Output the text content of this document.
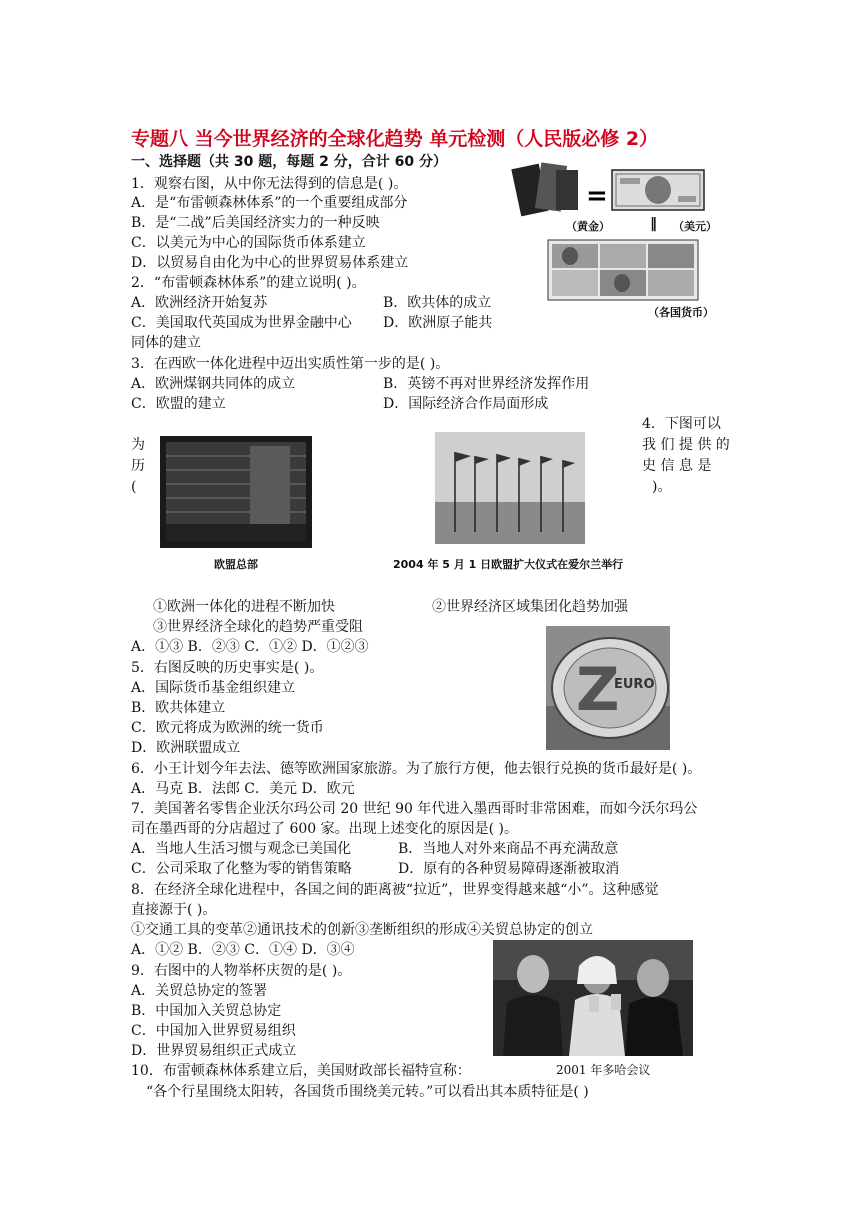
专题八 当今世界经济的全球化趋势 单元检测（人民版必修 2）
一、选择题（共 30 题，每题 2 分，合计 60 分）
1．观察右图，从中你无法得到的信息是( )。
A．是“布雷顿森林体系”的一个重要组成部分
B．是“二战”后美国经济实力的一种反映
C．以美元为中心的国际货币体系建立
D．以贸易自由化为中心的世界贸易体系建立
=
（黄金）	‖ （美元）
（各国货币）
2．“布雷顿森林体系”的建立说明( )。
A．欧洲经济开始复苏	B．欧共体的成立
C．美国取代英国成为世界金融中心 D．欧洲原子能共
同体的建立
3．在西欧一体化进程中迈出实质性第一步的是( )。
A．欧洲煤钢共同体的成立	B．英镑不再对世界经济发挥作用
C．欧盟的建立	D．国际经济合作局面形成
4．下图可以
为	我 们 提 供 的
历	史 信 息 是
(	)。
欧盟总部	2004 年 5 月 1 日欧盟扩大仪式在爱尔兰举行
①欧洲一体化的进程不断加快	②世界经济区域集团化趋势加强
③世界经济全球化的趋势严重受阻
A．①③ B．②③ C．①② D．①②③
5．右图反映的历史事实是( )。
A．国际货币基金组织建立
B．欧共体建立
C．欧元将成为欧洲的统一货币
D．欧洲联盟成立
Z
EURO
6．小王计划今年去法、德等欧洲国家旅游。为了旅行方便，他去银行兑换的货币最好是( )。
A．马克 B．法郎 C．美元 D．欧元
7．美国著名零售企业沃尔玛公司 20 世纪 90 年代进入墨西哥时非常困难，而如今沃尔玛公
司在墨西哥的分店超过了 600 家。出现上述变化的原因是( )。
A．当地人生活习惯与观念已美国化	B．当地人对外来商品不再充满敌意
C．公司采取了化整为零的销售策略	D．原有的各种贸易障碍逐渐被取消
8．在经济全球化进程中，各国之间的距离被“拉近”，世界变得越来越“小”。这种感觉
直接源于( )。
①交通工具的变革②通讯技术的创新③垄断组织的形成④关贸总协定的创立
A．①② B．②③ C．①④ D．③④
9．右图中的人物举杯庆贺的是( )。
A．关贸总协定的签署
B．中国加入关贸总协定
C．中国加入世界贸易组织
D．世界贸易组织正式成立
2001 年多哈会议
10．布雷顿森林体系建立后，美国财政部长福特宣称：
“各个行星围绕太阳转，各国货币围绕美元转。”可以看出其本质特征是( )
